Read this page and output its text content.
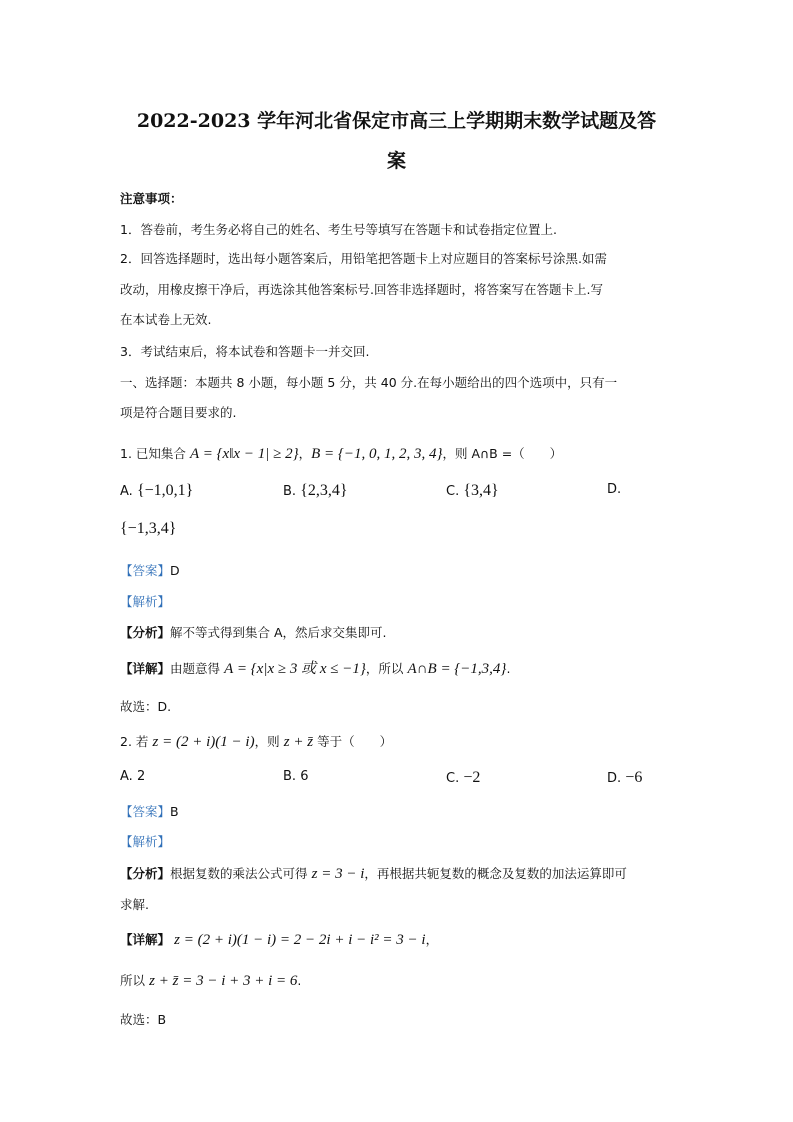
2022-2023 学年河北省保定市高三上学期期末数学试题及答
案
注意事项：
1．答卷前，考生务必将自己的姓名、考生号等填写在答题卡和试卷指定位置上.
2．回答选择题时，选出每小题答案后，用铅笔把答题卡上对应题目的答案标号涂黑.如需
改动，用橡皮擦干净后，再选涂其他答案标号.回答非选择题时，将答案写在答题卡上.写
在本试卷上无效.
3．考试结束后，将本试卷和答题卡一并交回.
一、选择题：本题共 8 小题，每小题 5 分，共 40 分.在每小题给出的四个选项中，只有一
项是符合题目要求的.
1. 已知集合 A = {x‖x − 1| ≥ 2}，B = {−1, 0, 1, 2, 3, 4}，则 A∩B =（　　）
A. {−1,0,1}	B. {2,3,4}	C. {3,4}	D.
{−1,3,4}
【答案】D
【解析】
【分析】解不等式得到集合 A，然后求交集即可.
【详解】由题意得 A = {x|x ≥ 3 或 x ≤ −1}，所以 A∩B = {−1,3,4}.
故选：D.
2. 若 z = (2 + i)(1 − i)，则 z + z̄ 等于（　　）
A. 2	B. 6	C. −2	D. −6
【答案】B
【解析】
【分析】根据复数的乘法公式可得 z = 3 − i，再根据共轭复数的概念及复数的加法运算即可
求解.
【详解】 z = (2 + i)(1 − i) = 2 − 2i + i − i² = 3 − i，
所以 z + z̄ = 3 − i + 3 + i = 6.
故选：B
